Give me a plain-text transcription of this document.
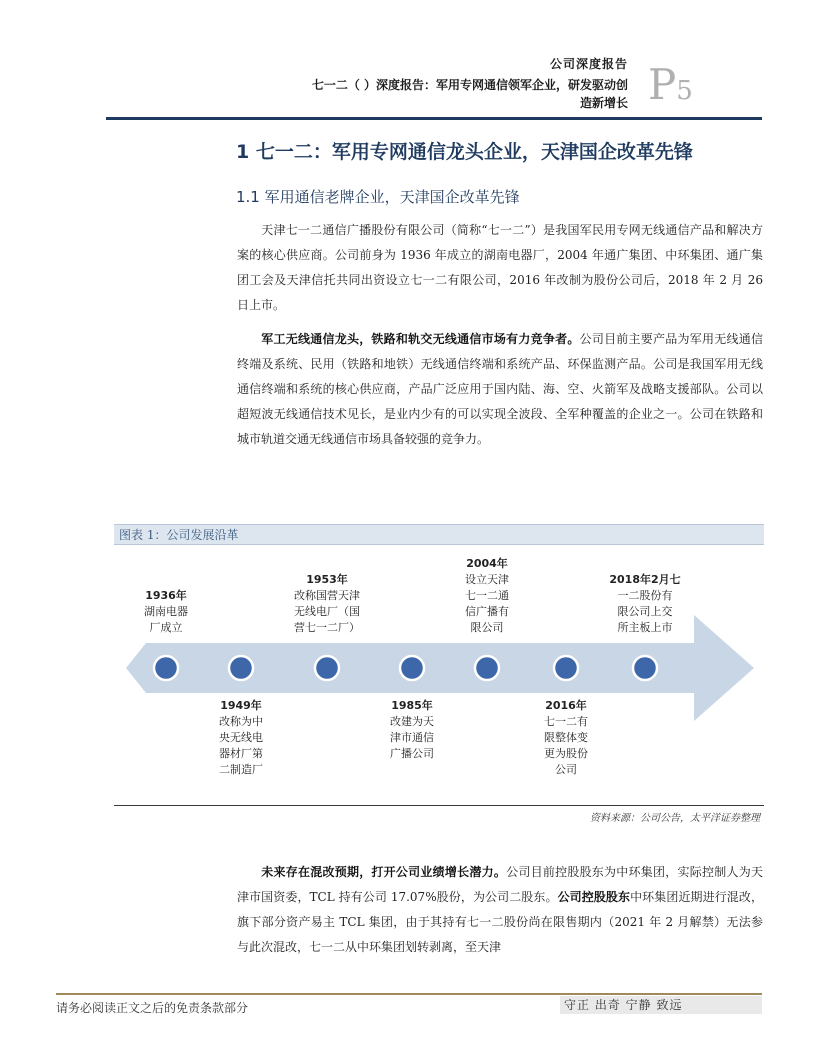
公司深度报告
七一二（ ）深度报告：军用专网通信领军企业，研发驱动创
造新增长 P5
1 七一二：军用专网通信龙头企业，天津国企改革先锋
1.1 军用通信老牌企业，天津国企改革先锋
天津七一二通信广播股份有限公司（简称“七一二”）是我国军民用专网无线通信产品和解决方案的核心供应商。公司前身为 1936 年成立的湖南电器厂，2004 年通广集团、中环集团、通广集团工会及天津信托共同出资设立七一二有限公司，2016 年改制为股份公司后，2018 年 2 月 26 日上市。
军工无线通信龙头，铁路和轨交无线通信市场有力竞争者。公司目前主要产品为军用无线通信终端及系统、民用（铁路和地铁）无线通信终端和系统产品、环保监测产品。公司是我国军用无线通信终端和系统的核心供应商，产品广泛应用于国内陆、海、空、火箭军及战略支援部队。公司以超短波无线通信技术见长，是业内少有的可以实现全波段、全军种覆盖的企业之一。公司在铁路和城市轨道交通无线通信市场具备较强的竞争力。
图表 1：公司发展沿革
1936年
湖南电器
厂成立
1953年
改称国营天津
无线电厂（国
营七一二厂）
2004年
设立天津
七一二通
信广播有
限公司
2018年2月七
一二股份有
限公司上交
所主板上市
1949年
改称为中
央无线电
器材厂第
二制造厂
1985年
改建为天
津市通信
广播公司
2016年
七一二有
限整体变
更为股份
公司
资料来源：公司公告，太平洋证券整理
未来存在混改预期，打开公司业绩增长潜力。公司目前控股股东为中环集团，实际控制人为天津市国资委，TCL 持有公司 17.07%股份，为公司二股东。公司控股股东中环集团近期进行混改，旗下部分资产易主 TCL 集团，由于其持有七一二股份尚在限售期内（2021 年 2 月解禁）无法参与此次混改，七一二从中环集团划转剥离，至天津
请务必阅读正文之后的免责条款部分	守正 出奇 宁静 致远
